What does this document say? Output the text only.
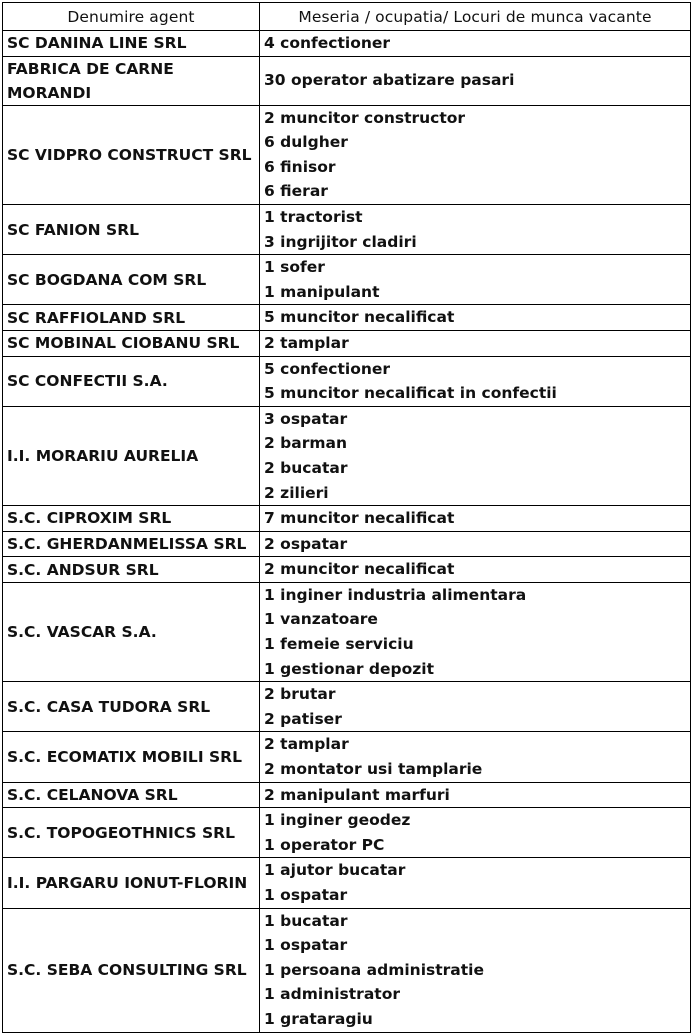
Denumire agent	Meseria / ocupatia/ Locuri de munca vacante
SC DANINA LINE SRL	4 confectioner

FABRICA DE CARNE MORANDI	30 operator abatizare pasari

SC VIDPRO CONSTRUCT SRL	2 muncitor constructor
6 dulgher
6 finisor
6 fierar

SC FANION SRL	1 tractorist
3 ingrijitor cladiri

SC BOGDANA COM SRL	1 sofer
1 manipulant

SC RAFFIOLAND SRL	5 muncitor necalificat

SC MOBINAL CIOBANU SRL	2 tamplar

SC CONFECTII S.A.	5 confectioner
5 muncitor necalificat in confectii

I.I. MORARIU AURELIA	3 ospatar
2 barman
2 bucatar
2 zilieri

S.C. CIPROXIM SRL	7 muncitor necalificat

S.C. GHERDANMELISSA SRL	2 ospatar

S.C. ANDSUR SRL	2 muncitor necalificat

S.C. VASCAR S.A.	1 inginer industria alimentara
1 vanzatoare
1 femeie serviciu
1 gestionar depozit

S.C. CASA TUDORA SRL	2 brutar
2 patiser

S.C. ECOMATIX MOBILI SRL	2 tamplar
2 montator usi tamplarie

S.C. CELANOVA SRL	2 manipulant marfuri

S.C. TOPOGEOTHNICS SRL	1 inginer geodez
1 operator PC

I.I. PARGARU IONUT-FLORIN	1 ajutor bucatar
1 ospatar

S.C. SEBA CONSULTING SRL	1 bucatar
1 ospatar
1 persoana administratie
1 administrator
1 grataragiu
